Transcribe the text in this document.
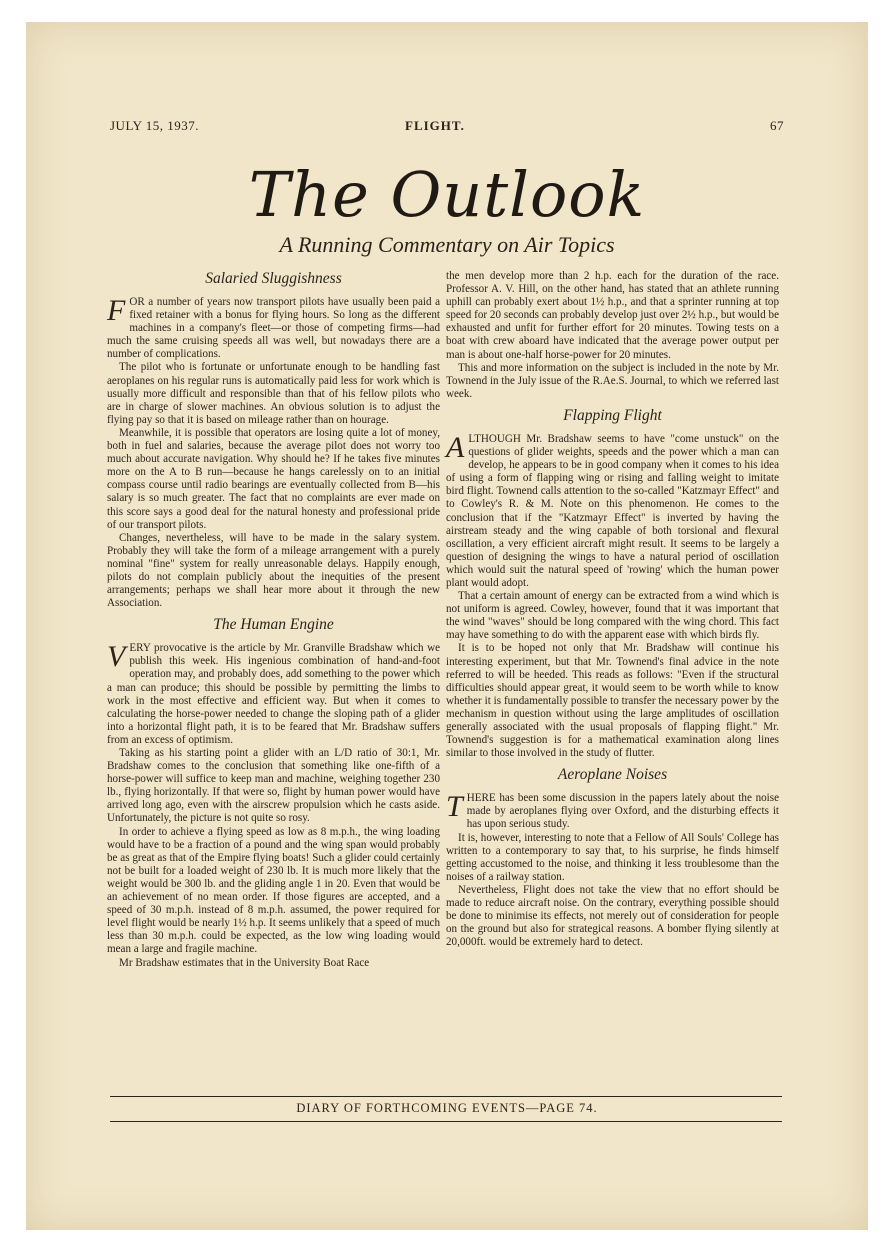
JULY 15, 1937.	FLIGHT.	67
The Outlook
A Running Commentary on Air Topics
Salaried Sluggishness

FOR a number of years now transport pilots have usually been paid a fixed retainer with a bonus for flying hours. So long as the different machines in a company's fleet—or those of competing firms—had much the same cruising speeds all was well, but nowadays there are a number of complications.

The pilot who is fortunate or unfortunate enough to be handling fast aeroplanes on his regular runs is automatically paid less for work which is usually more difficult and responsible than that of his fellow pilots who are in charge of slower machines. An obvious solution is to adjust the flying pay so that it is based on mileage rather than on hourage.

Meanwhile, it is possible that operators are losing quite a lot of money, both in fuel and salaries, because the average pilot does not worry too much about accurate navigation. Why should he? If he takes five minutes more on the A to B run—because he hangs carelessly on to an initial compass course until radio bearings are eventually collected from B—his salary is so much greater. The fact that no complaints are ever made on this score says a good deal for the natural honesty and professional pride of our transport pilots.

Changes, nevertheless, will have to be made in the salary system. Probably they will take the form of a mileage arrangement with a purely nominal "fine" system for really unreasonable delays. Happily enough, pilots do not complain publicly about the inequities of the present arrangements; perhaps we shall hear more about it through the new Association.

The Human Engine

VERY provocative is the article by Mr. Granville Bradshaw which we publish this week. His ingenious combination of hand-and-foot operation may, and probably does, add something to the power which a man can produce; this should be possible by permitting the limbs to work in the most effective and efficient way. But when it comes to calculating the horse-power needed to change the sloping path of a glider into a horizontal flight path, it is to be feared that Mr. Bradshaw suffers from an excess of optimism.

Taking as his starting point a glider with an L/D ratio of 30:1, Mr. Bradshaw comes to the conclusion that something like one-fifth of a horse-power will suffice to keep man and machine, weighing together 230 lb., flying horizontally. If that were so, flight by human power would have arrived long ago, even with the airscrew propulsion which he casts aside. Unfortunately, the picture is not quite so rosy.

In order to achieve a flying speed as low as 8 m.p.h., the wing loading would have to be a fraction of a pound and the wing span would probably be as great as that of the Empire flying boats! Such a glider could certainly not be built for a loaded weight of 230 lb. It is much more likely that the weight would be 300 lb. and the gliding angle 1 in 20. Even that would be an achievement of no mean order. If those figures are accepted, and a speed of 30 m.p.h. instead of 8 m.p.h. assumed, the power required for level flight would be nearly 1½ h.p. It seems unlikely that a speed of much less than 30 m.p.h. could be expected, as the low wing loading would mean a large and fragile machine.

Mr Bradshaw estimates that in the University Boat Race

the men develop more than 2 h.p. each for the duration of the race. Professor A. V. Hill, on the other hand, has stated that an athlete running uphill can probably exert about 1½ h.p., and that a sprinter running at top speed for 20 seconds can probably develop just over 2½ h.p., but would be exhausted and unfit for further effort for 20 minutes. Towing tests on a boat with crew aboard have indicated that the average power output per man is about one-half horse-power for 20 minutes.

This and more information on the subject is included in the note by Mr. Townend in the July issue of the R.Ae.S. Journal, to which we referred last week.

Flapping Flight

ALTHOUGH Mr. Bradshaw seems to have "come unstuck" on the questions of glider weights, speeds and the power which a man can develop, he appears to be in good company when it comes to his idea of using a form of flapping wing or rising and falling weight to imitate bird flight. Townend calls attention to the so-called "Katzmayr Effect" and to Cowley's R. & M. Note on this phenomenon. He comes to the conclusion that if the "Katzmayr Effect" is inverted by having the airstream steady and the wing capable of both torsional and flexural oscillation, a very efficient aircraft might result. It seems to be largely a question of designing the wings to have a natural period of oscillation which would suit the natural speed of 'rowing' which the human power plant would adopt.

That a certain amount of energy can be extracted from a wind which is not uniform is agreed. Cowley, however, found that it was important that the wind "waves" should be long compared with the wing chord. This fact may have something to do with the apparent ease with which birds fly.

It is to be hoped not only that Mr. Bradshaw will continue his interesting experiment, but that Mr. Townend's final advice in the note referred to will be heeded. This reads as follows: "Even if the structural difficulties should appear great, it would seem to be worth while to know whether it is fundamentally possible to transfer the necessary power by the mechanism in question without using the large amplitudes of oscillation generally associated with the usual proposals of flapping flight." Mr. Townend's suggestion is for a mathematical examination along lines similar to those involved in the study of flutter.

Aeroplane Noises

THERE has been some discussion in the papers lately about the noise made by aeroplanes flying over Oxford, and the disturbing effects it has upon serious study.

It is, however, interesting to note that a Fellow of All Souls' College has written to a contemporary to say that, to his surprise, he finds himself getting accustomed to the noise, and thinking it less troublesome than the noises of a railway station.

Nevertheless, Flight does not take the view that no effort should be made to reduce aircraft noise. On the contrary, everything possible should be done to minimise its effects, not merely out of consideration for people on the ground but also for strategical reasons. A bomber flying silently at 20,000ft. would be extremely hard to detect.

DIARY OF FORTHCOMING EVENTS—PAGE 74.
